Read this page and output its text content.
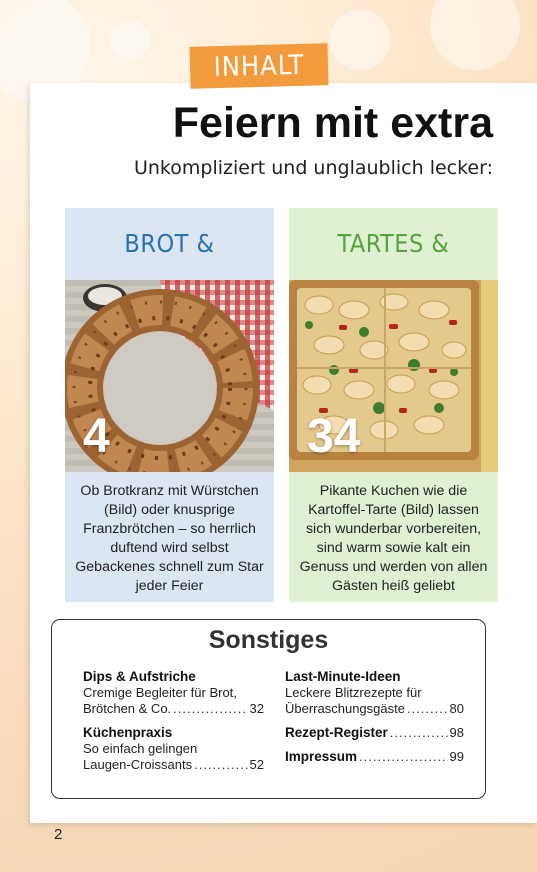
INHALT
Feiern mit extra
Unkompliziert und unglaublich lecker:
BROT &
4
Ob Brotkranz mit Würstchen (Bild) oder knusprige Franzbrötchen – so herrlich duftend wird selbst Gebackenes schnell zum Star jeder Feier
TARTES &
34
Pikante Kuchen wie die Kartoffel-Tarte (Bild) lassen sich wunderbar vorbereiten, sind warm sowie kalt ein Genuss und werden von allen Gästen heiß geliebt
Sonstiges
Dips & Aufstriche
Cremige Begleiter für Brot,
Brötchen & Co. .....	32
Küchenpraxis
So einfach gelingen
Laugen-Croissants .....	52
Last-Minute-Ideen
Leckere Blitzrezepte für
Überraschungsgäste .....	80
Rezept-Register .....	98
Impressum .....	99
2
